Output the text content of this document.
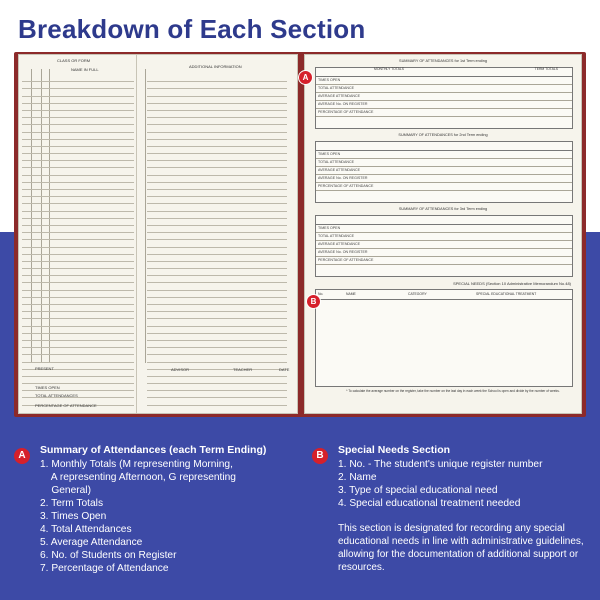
Breakdown of Each Section
CLASS OR FORM
NAME IN FULL
PRESENT
TIMES OPEN
TOTAL ATTENDANCES
PERCENTAGE OF ATTENDANCE
ADDITIONAL INFORMATION
ADVISOR	TEACHER	DATE
SUMMARY OF ATTENDANCES for 1st Term ending
MONTHLY TOTALS	TERM TOTALS
TIMES OPEN
TOTAL ATTENDANCE
AVERAGE ATTENDANCE
AVERAGE No. ON REGISTER
PERCENTAGE OF ATTENDANCE
SUMMARY OF ATTENDANCES for 2nd Term ending
TIMES OPEN
TOTAL ATTENDANCE
AVERAGE ATTENDANCE
AVERAGE No. ON REGISTER
PERCENTAGE OF ATTENDANCE
SUMMARY OF ATTENDANCES for 3rd Term ending
TIMES OPEN
TOTAL ATTENDANCE
AVERAGE ATTENDANCE
AVERAGE No. ON REGISTER
PERCENTAGE OF ATTENDANCE
SPECIAL NEEDS (Section 10 Administrative Memorandum No.48)
No.	NAME	CATEGORY	SPECIAL EDUCATIONAL TREATMENT
* To calculate the average number on the register, take the number on the last day in each week the School is open and divide by the number of weeks.
A
B
A	Summary of Attendances (each Term Ending)
1. Monthly Totals (M representing Morning,
A representing Afternoon, G representing
General)
2. Term Totals
3. Times Open
4. Total Attendances
5. Average Attendance
6. No. of Students on Register
7. Percentage of Attendance
B	Special Needs Section
1. No. - The student's unique register number
2. Name
3. Type of special educational need
4. Special educational treatment needed
This section is designated for recording any special educational needs in line with administrative guidelines, allowing for the documentation of additional support or resources.
